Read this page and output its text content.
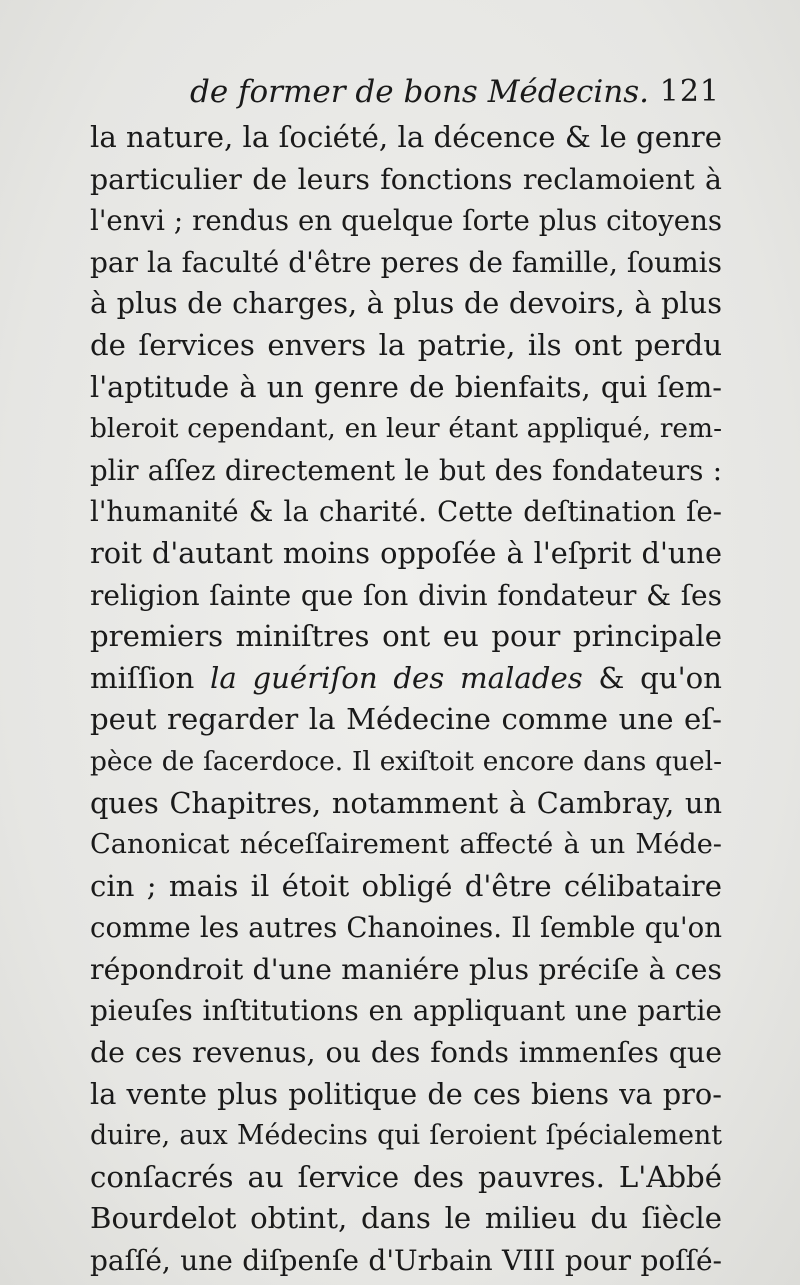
de former de bons Médecins. 121
la nature, la ſociété, la décence & le genre
particulier de leurs fonctions reclamoient à
l'envi ; rendus en quelque ſorte plus citoyens
par la faculté d'être peres de famille, ſoumis
à plus de charges, à plus de devoirs, à plus
de ſervices envers la patrie, ils ont perdu
l'aptitude à un genre de bienfaits, qui ſem-
bleroit cependant, en leur étant appliqué, rem-
plir aſſez directement le but des fondateurs :
l'humanité & la charité. Cette deſtination ſe-
roit d'autant moins oppoſée à l'eſprit d'une
religion ſainte que ſon divin fondateur & ſes
premiers miniſtres ont eu pour principale
miſſion la guériſon des malades & qu'on
peut regarder la Médecine comme une eſ-
pèce de ſacerdoce. Il exiſtoit encore dans quel-
ques Chapitres, notamment à Cambray, un
Canonicat néceſſairement affecté à un Méde-
cin ; mais il étoit obligé d'être célibataire
comme les autres Chanoines. Il ſemble qu'on
répondroit d'une maniére plus préciſe à ces
pieuſes inſtitutions en appliquant une partie
de ces revenus, ou des fonds immenſes que
la vente plus politique de ces biens va pro-
duire, aux Médecins qui ſeroient ſpécialement
conſacrés au ſervice des pauvres. L'Abbé
Bourdelot obtint, dans le milieu du ſiècle
paſſé, une diſpenſe d'Urbain VIII pour poſſé-
